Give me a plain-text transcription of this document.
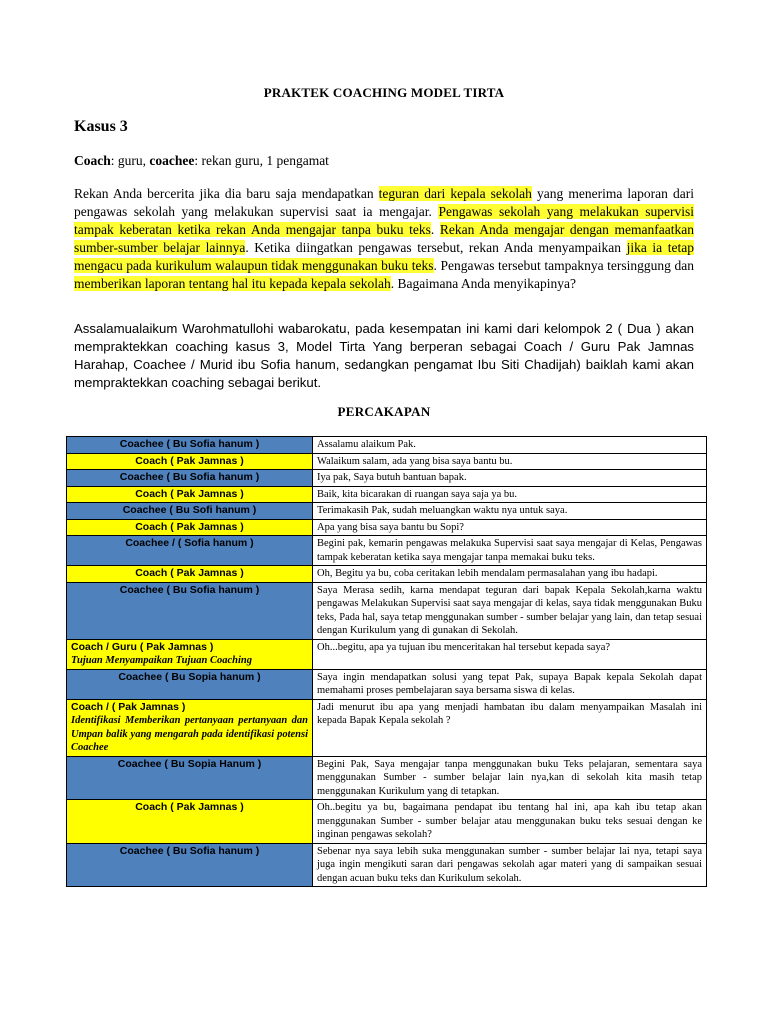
PRAKTEK COACHING MODEL TIRTA
Kasus 3
Coach: guru, coachee: rekan guru, 1 pengamat
Rekan Anda bercerita jika dia baru saja mendapatkan teguran dari kepala sekolah yang menerima laporan dari pengawas sekolah yang melakukan supervisi saat ia mengajar. Pengawas sekolah yang melakukan supervisi tampak keberatan ketika rekan Anda mengajar tanpa buku teks. Rekan Anda mengajar dengan memanfaatkan sumber-sumber belajar lainnya. Ketika diingatkan pengawas tersebut, rekan Anda menyampaikan jika ia tetap mengacu pada kurikulum walaupun tidak menggunakan buku teks. Pengawas tersebut tampaknya tersinggung dan memberikan laporan tentang hal itu kepada kepala sekolah. Bagaimana Anda menyikapinya?
Assalamualaikum Warohmatullohi wabarokatu, pada kesempatan ini kami dari kelompok 2 ( Dua ) akan mempraktekkan coaching kasus 3, Model Tirta Yang berperan sebagai Coach / Guru Pak Jamnas Harahap, Coachee / Murid ibu Sofia hanum, sedangkan pengamat Ibu Siti Chadijah) baiklah kami akan mempraktekkan coaching sebagai berikut.
PERCAKAPAN
Coachee ( Bu Sofia hanum )	Assalamu alaikum Pak.

Coach ( Pak Jamnas )	Walaikum salam, ada yang bisa saya bantu bu.

Coachee ( Bu Sofia hanum )	Iya pak, Saya butuh bantuan bapak.

Coach ( Pak Jamnas )	Baik, kita bicarakan di ruangan saya saja ya bu.

Coachee ( Bu Sofi hanum )	Terimakasih Pak, sudah meluangkan waktu nya untuk saya.

Coach ( Pak Jamnas )	Apa yang bisa saya bantu bu Sopi?

Coachee / ( Sofia hanum )	Begini pak, kemarin pengawas melakuka Supervisi saat saya mengajar di Kelas, Pengawas tampak keberatan ketika saya mengajar tanpa memakai buku teks.

Coach ( Pak Jamnas )	Oh, Begitu ya bu, coba ceritakan lebih mendalam permasalahan yang ibu hadapi.

Coachee ( Bu Sofia hanum )	Saya Merasa sedih, karna mendapat teguran dari bapak Kepala Sekolah,karna waktu pengawas Melakukan Supervisi saat saya mengajar di kelas, saya tidak menggunakan Buku teks, Pada hal, saya tetap menggunakan sumber - sumber belajar yang lain, dan tetap sesuai dengan Kurikulum yang di gunakan di Sekolah.

Coach / Guru ( Pak Jamnas )
Tujuan Menyampaikan Tujuan Coaching	Oh...begitu, apa ya tujuan ibu menceritakan hal tersebut kepada saya?

Coachee ( Bu Sopia hanum )	Saya ingin mendapatkan solusi yang tepat Pak, supaya Bapak kepala Sekolah dapat memahami proses pembelajaran saya bersama siswa di kelas.

Coach / ( Pak Jamnas )
Identifikasi Memberikan pertanyaan pertanyaan dan Umpan balik yang mengarah pada identifikasi potensi Coachee	Jadi menurut ibu apa yang menjadi hambatan ibu dalam menyampaikan Masalah ini kepada Bapak Kepala sekolah ?

Coachee ( Bu Sopia Hanum )	Begini Pak, Saya mengajar tanpa menggunakan buku Teks pelajaran, sementara saya menggunakan Sumber - sumber belajar lain nya,kan di sekolah kita masih tetap menggunakan Kurikulum yang di tetapkan.

Coach ( Pak Jamnas )	Oh..begitu ya bu, bagaimana pendapat ibu tentang hal ini, apa kah ibu tetap akan menggunakan Sumber - sumber belajar atau menggunakan buku teks sesuai dengan ke inginan pengawas sekolah?

Coachee ( Bu Sofia hanum )	Sebenar nya saya lebih suka menggunakan sumber - sumber belajar lai nya, tetapi saya juga ingin mengikuti saran dari pengawas sekolah agar materi yang di sampaikan sesuai dengan acuan buku teks dan Kurikulum sekolah.
